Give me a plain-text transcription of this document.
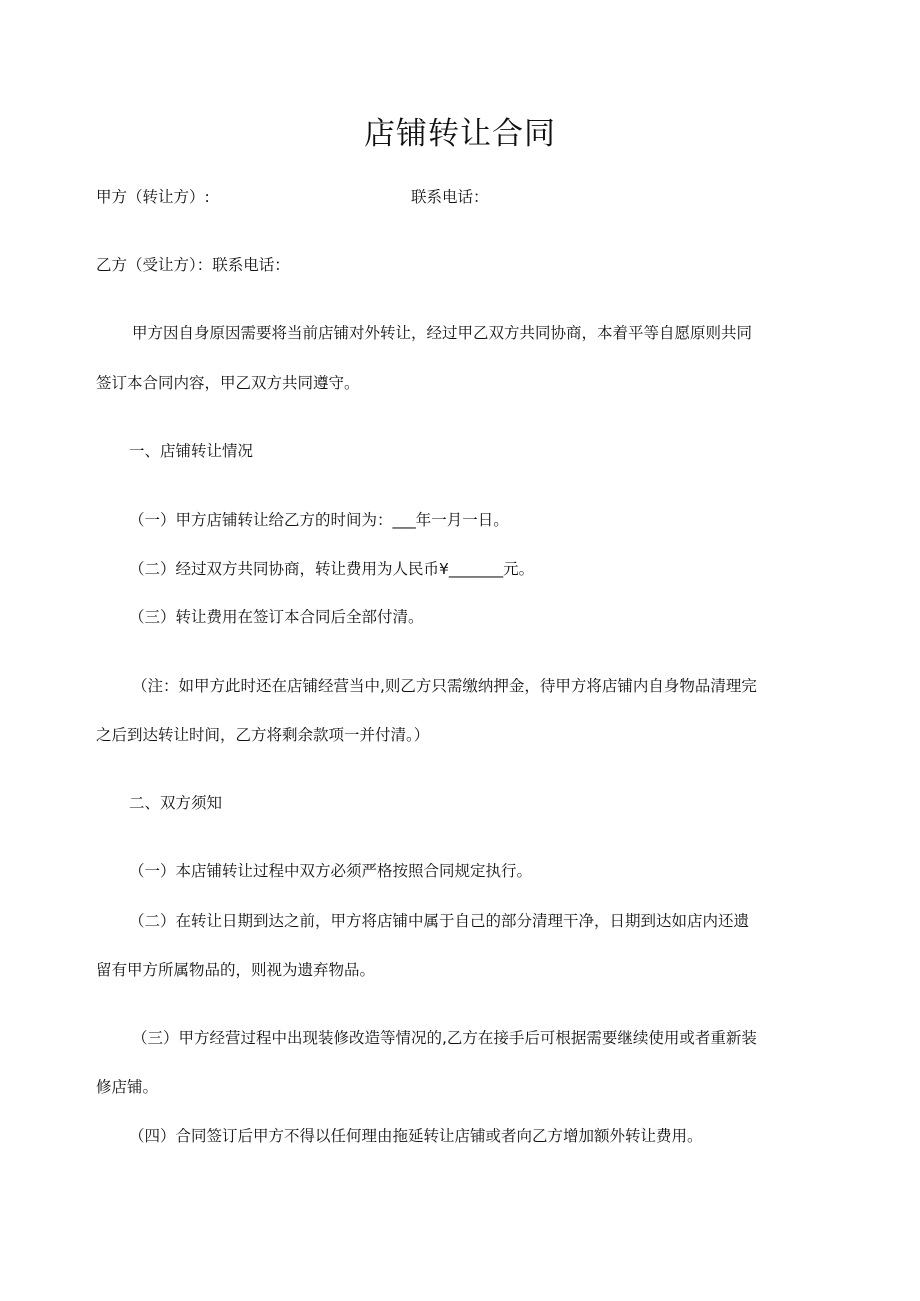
店铺转让合同
甲方（转让方）:	联系电话：
乙方（受让方）：联系电话：
甲方因自身原因需要将当前店铺对外转让，经过甲乙双方共同协商，本着平等自愿原则共同
签订本合同内容，甲乙双方共同遵守。
一、店铺转让情况
（一）甲方店铺转让给乙方的时间为：___年一月一日。
（二）经过双方共同协商，转让费用为人民币¥_______元。
（三）转让费用在签订本合同后全部付清。
（注：如甲方此时还在店铺经营当中,则乙方只需缴纳押金，待甲方将店铺内自身物品清理完
之后到达转让时间，乙方将剩余款项一并付清。）
二、双方须知
（一）本店铺转让过程中双方必须严格按照合同规定执行。
（二）在转让日期到达之前，甲方将店铺中属于自己的部分清理干净，日期到达如店内还遗
留有甲方所属物品的，则视为遗弃物品。
（三）甲方经营过程中出现装修改造等情况的,乙方在接手后可根据需要继续使用或者重新装
修店铺。
（四）合同签订后甲方不得以任何理由拖延转让店铺或者向乙方增加额外转让费用。
